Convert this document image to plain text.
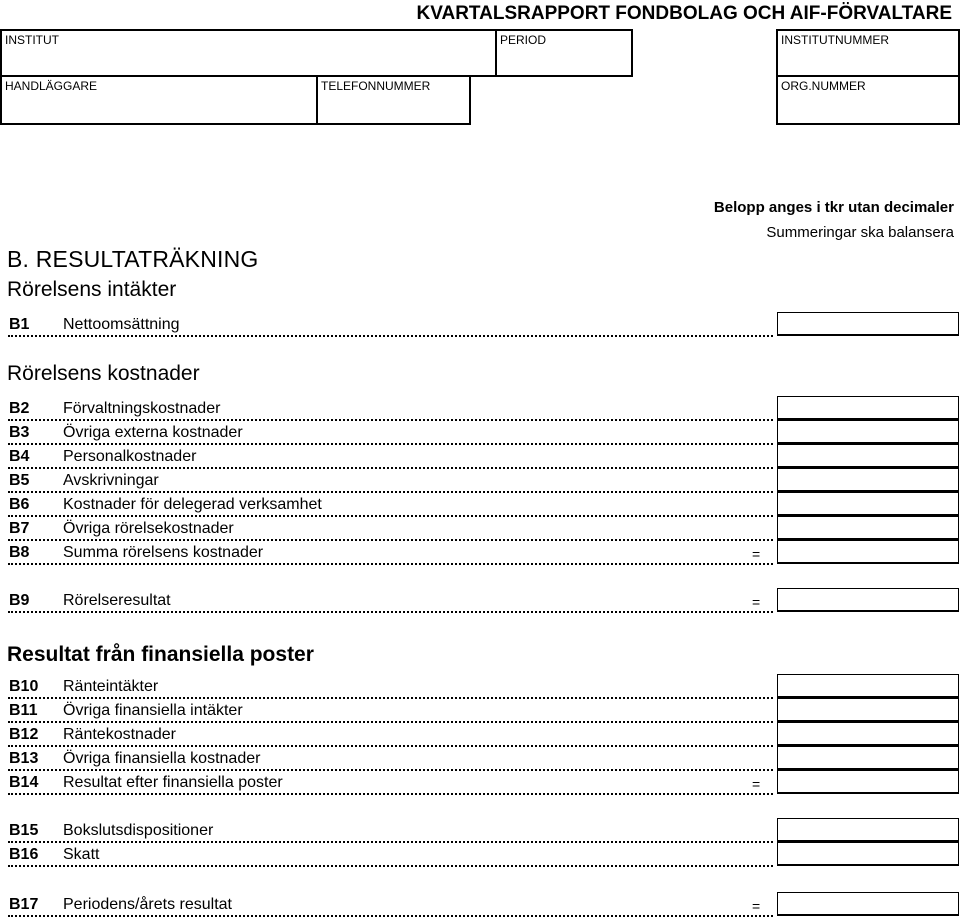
KVARTALSRAPPORT FONDBOLAG OCH AIF-FÖRVALTARE
INSTITUT	PERIOD	INSTITUTNUMMER
HANDLÄGGARE	TELEFONNUMMER	ORG.NUMMER
Belopp anges i tkr utan decimaler
Summeringar ska balansera
B. RESULTATRÄKNING
Rörelsens intäkter
B1 Nettoomsättning
Rörelsens kostnader
B2 Förvaltningskostnader
B3 Övriga externa kostnader
B4 Personalkostnader
B5 Avskrivningar
B6 Kostnader för delegerad verksamhet
B7 Övriga rörelsekostnader
B8 Summa rörelsens kostnader	=
B9 Rörelseresultat	=
Resultat från finansiella poster
B10 Ränteintäkter
B11 Övriga finansiella intäkter
B12 Räntekostnader
B13 Övriga finansiella kostnader
B14 Resultat efter finansiella poster	=
B15 Bokslutsdispositioner
B16 Skatt
B17 Periodens/årets resultat	=
